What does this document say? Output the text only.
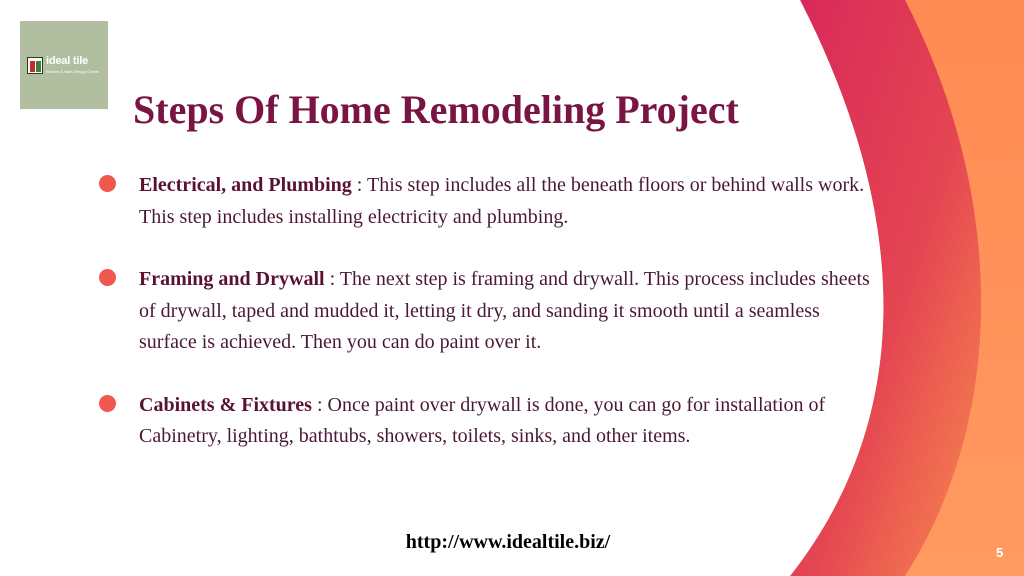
ideal tile
Kitchen & Bath Design Center
Steps Of Home Remodeling Project
Electrical, and Plumbing : This step includes all the beneath floors or behind walls work. This step includes installing electricity and plumbing.
Framing and Drywall : The next step is framing and drywall. This process includes sheets of drywall, taped and mudded it, letting it dry, and sanding it smooth until a seamless surface is achieved. Then you can do paint over it.
Cabinets & Fixtures : Once paint over drywall is done, you can go for installation of Cabinetry, lighting, bathtubs, showers, toilets, sinks, and other items.
http://www.idealtile.biz/	5
